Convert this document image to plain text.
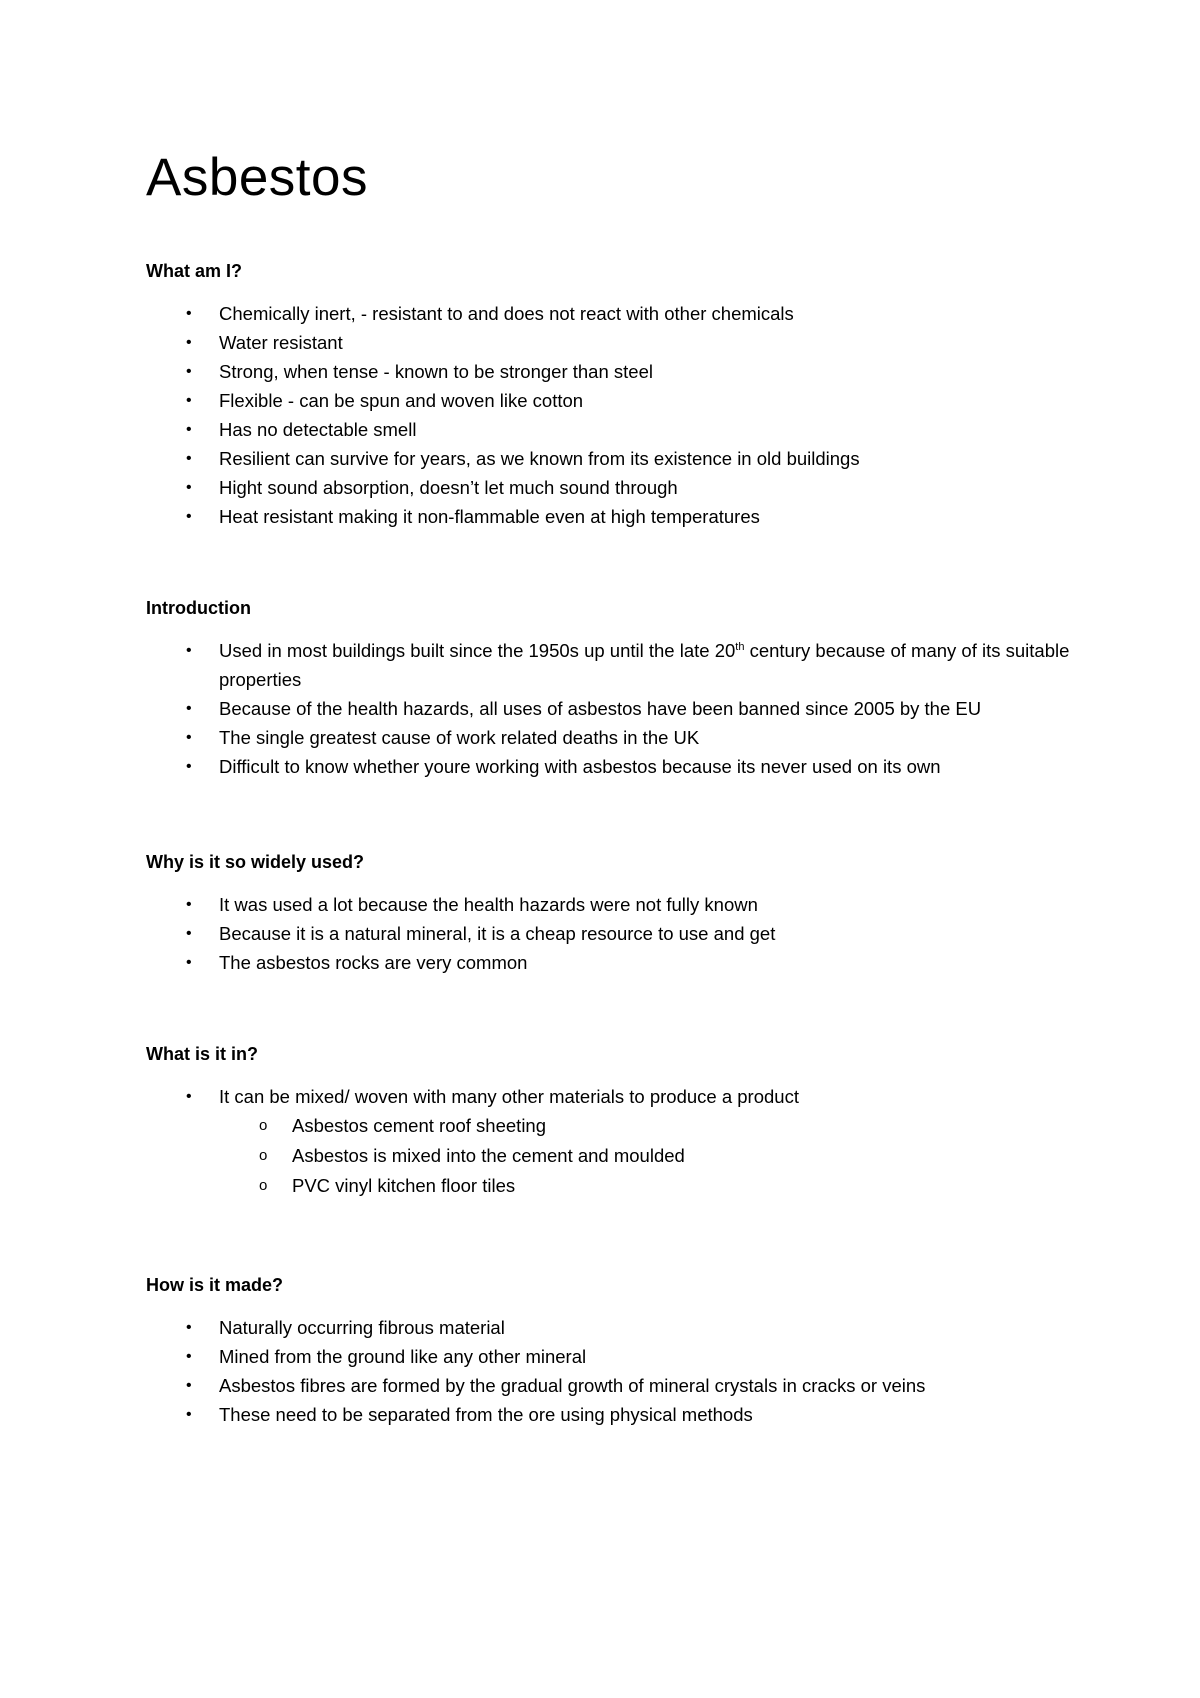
Asbestos
What am I?
•	Chemically inert, - resistant to and does not react with other chemicals
•	Water resistant
•	Strong, when tense - known to be stronger than steel
•	Flexible - can be spun and woven like cotton
•	Has no detectable smell
•	Resilient can survive for years, as we known from its existence in old buildings
•	Hight sound absorption, doesn’t let much sound through
•	Heat resistant making it non-flammable even at high temperatures
Introduction
•	Used in most buildings built since the 1950s up until the late 20th century because of many of its suitable properties
•	Because of the health hazards, all uses of asbestos have been banned since 2005 by the EU
•	The single greatest cause of work related deaths in the UK
•	Difficult to know whether youre working with asbestos because its never used on its own
Why is it so widely used?
•	It was used a lot because the health hazards were not fully known
•	Because it is a natural mineral, it is a cheap resource to use and get
•	The asbestos rocks are very common
What is it in?
•	It can be mixed/ woven with many other materials to produce a product
o Asbestos cement roof sheeting
o Asbestos is mixed into the cement and moulded
o PVC vinyl kitchen floor tiles
How is it made?
•	Naturally occurring fibrous material
•	Mined from the ground like any other mineral
•	Asbestos fibres are formed by the gradual growth of mineral crystals in cracks or veins
•	These need to be separated from the ore using physical methods
